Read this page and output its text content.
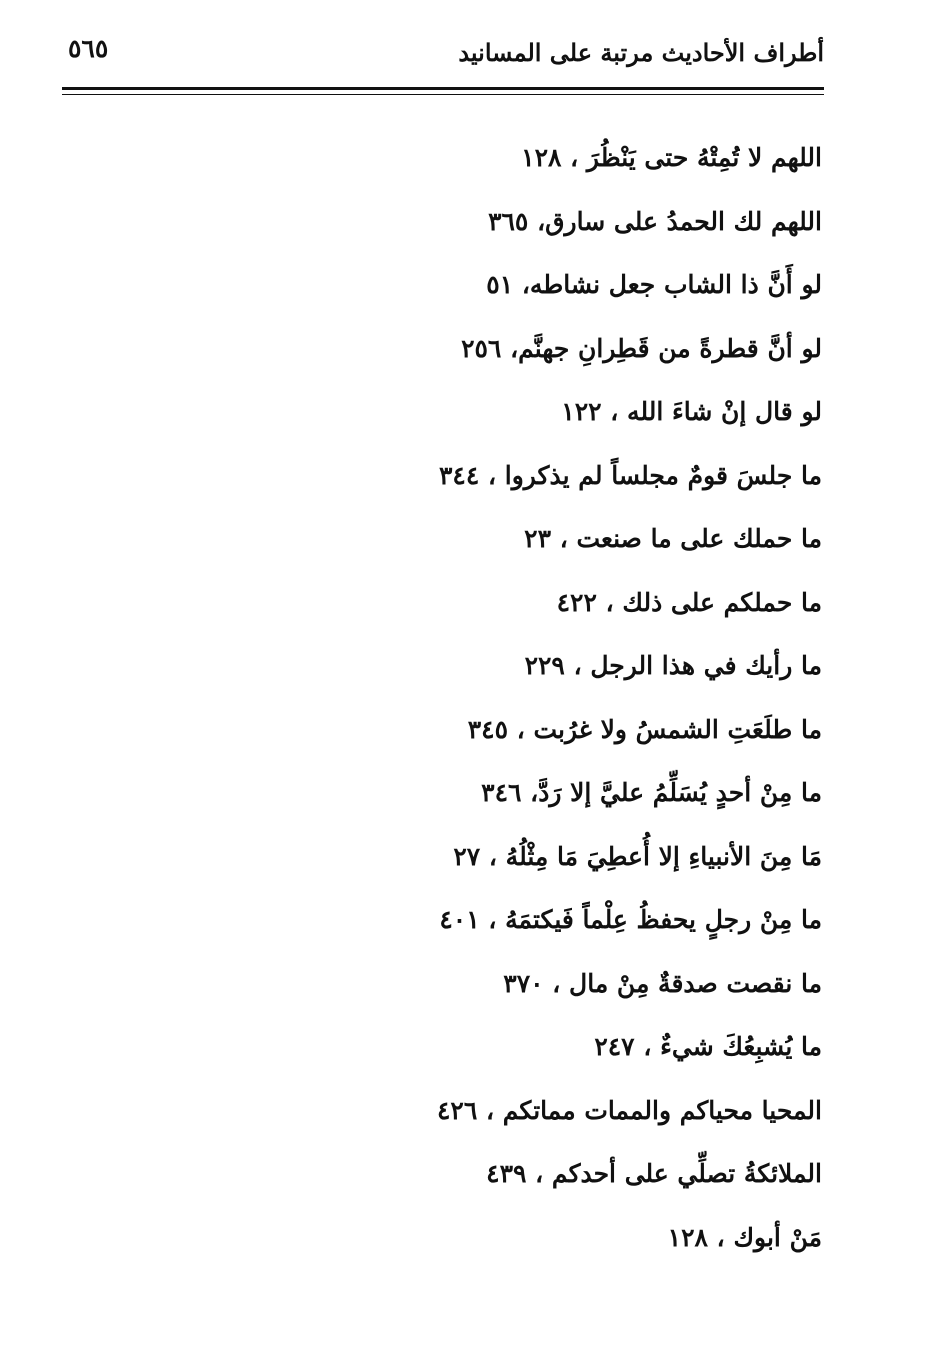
أطراف الأحاديث مرتبة على المسانيد
٥٦٥
اللهم لا تُمِتْهُ حتى يَنْظُرَ ، ١٢٨
اللهم لك الحمدُ على سارق، ٣٦٥
لو أَنَّ ذا الشاب جعل نشاطه، ٥١
لو أنَّ قطرةً من قَطِرانِ جهنَّم، ٢٥٦
لو قال إنْ شاءَ الله ، ١٢٢
ما جلسَ قومٌ مجلساً لم يذكروا ، ٣٤٤
ما حملك على ما صنعت ، ٢٣
ما حملكم على ذلك ، ٤٢٢
ما رأيك في هذا الرجل ، ٢٢٩
ما طلَعَتِ الشمسُ ولا غرُبت ، ٣٤٥
ما مِنْ أحدٍ يُسَلِّمُ عليَّ إلا رَدَّ، ٣٤٦
مَا مِنَ الأنبياءِ إلا أُعطِيَ مَا مِثْلُهُ ، ٢٧
ما مِنْ رجلٍ يحفظُ عِلْماً فَيكتمَهُ ، ٤٠١
ما نقصت صدقةٌ مِنْ مال ، ٣٧٠
ما يُشبِعُكَ شيءٌ ، ٢٤٧
المحيا محياكم والممات مماتكم ، ٤٢٦
الملائكةُ تصلِّي على أحدكم ، ٤٣٩
مَنْ أبوك ، ١٢٨
